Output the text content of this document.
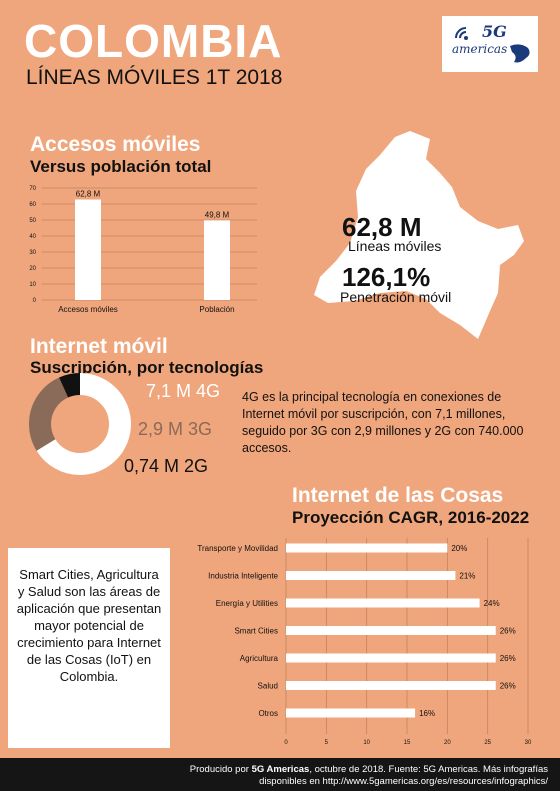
COLOMBIA
LÍNEAS MÓVILES 1T 2018
5G
americas
Accesos móviles
Versus población total
0
10
20
30
40
50
60
70
62,8 M
Accesos móviles
49,8 M
Población
62,8 M
Líneas móviles
126,1%
Penetración móvil
Internet móvil
Suscripción, por tecnologías
7,1 M 4G
2,9 M 3G
0,74 M 2G
4G es la principal tecnología en conexiones de Internet móvil por suscripción, con 7,1 millones, seguido por 3G con 2,9 millones y 2G con 740.000 accesos.
Internet de las Cosas
Proyección CAGR, 2016-2022
Smart Cities, Agricultura y Salud son las áreas de aplicación que presentan mayor potencial de crecimiento para Internet de las Cosas (IoT) en Colombia.
0	5	10	15	20	25	30
Transporte y Movilidad	20%
Industria Inteligente	21%
Energía y Utilities	24%
Smart Cities	26%
Agricultura	26%
Salud	26%
Otros	16%
Producido por 5G Americas, octubre de 2018. Fuente: 5G Americas. Más infografías
disponibles en http://www.5gamericas.org/es/resources/infographics/
